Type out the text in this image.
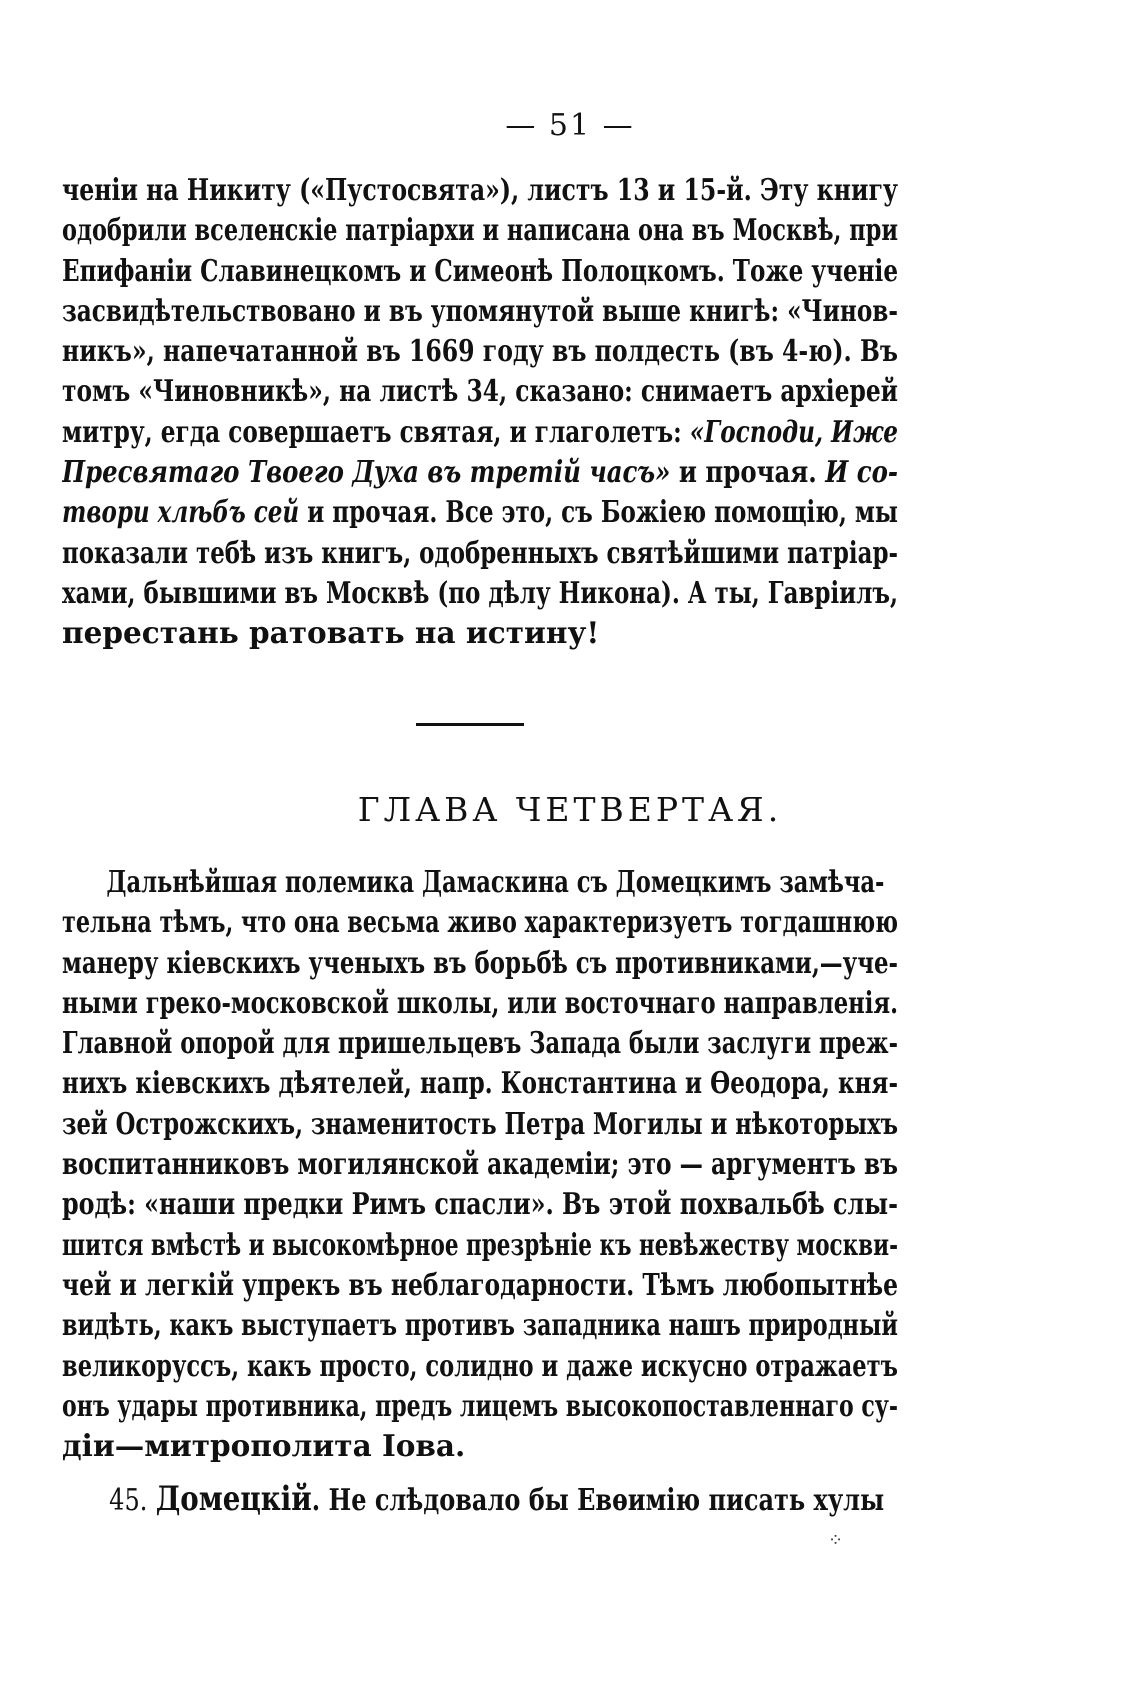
— 51 —
ченіи на Никиту («Пустосвята»), листъ 13 и 15-й. Эту книгу
одобрили вселенскіе патріархи и написана она въ Москвѣ, при
Епифаніи Славинецкомъ и Симеонѣ Полоцкомъ. Тоже ученіе
засвидѣтельствовано и въ упомянутой выше книгѣ: «Чинов-
никъ», напечатанной въ 1669 году въ полдесть (въ 4-ю). Въ
томъ «Чиновникѣ», на листѣ 34, сказано: снимаетъ архіерей
митру, егда совершаетъ святая, и глаголетъ: «Господи, Иже
Пресвятаго Твоего Духа въ третій часъ» и прочая. И со-
твори хлѣбъ сей и прочая. Все это, съ Божіею помощію, мы
показали тебѣ изъ книгъ, одобренныхъ святѣйшими патріар-
хами, бывшими въ Москвѣ (по дѣлу Никона). А ты, Гавріилъ,
перестань ратовать на истину!
ГЛАВА ЧЕТВЕРТАЯ.
Дальнѣйшая полемика Дамаскина съ Домецкимъ замѣча-
тельна тѣмъ, что она весьма живо характеризуетъ тогдашнюю
манеру кіевскихъ ученыхъ въ борьбѣ съ противниками,—уче-
ными греко-московской школы, или восточнаго направленія.
Главной опорой для пришельцевъ Запада были заслуги преж-
нихъ кіевскихъ дѣятелей, напр. Константина и Ѳеодора, кня-
зей Острожскихъ, знаменитость Петра Могилы и нѣкоторыхъ
воспитанниковъ могилянской академіи; это — аргументъ въ
родѣ: «наши предки Римъ спасли». Въ этой похвальбѣ слы-
шится вмѣстѣ и высокомѣрное презрѣніе къ невѣжеству москви-
чей и легкій упрекъ въ неблагодарности. Тѣмъ любопытнѣе
видѣть, какъ выступаетъ противъ западника нашъ природный
великоруссъ, какъ просто, солидно и даже искусно отражаетъ
онъ удары противника, предъ лицемъ высокопоставленнаго су-
діи—митрополита Іова.
45. Домецкій. Не слѣдовало бы Евѳимію писать хулы
⁘
